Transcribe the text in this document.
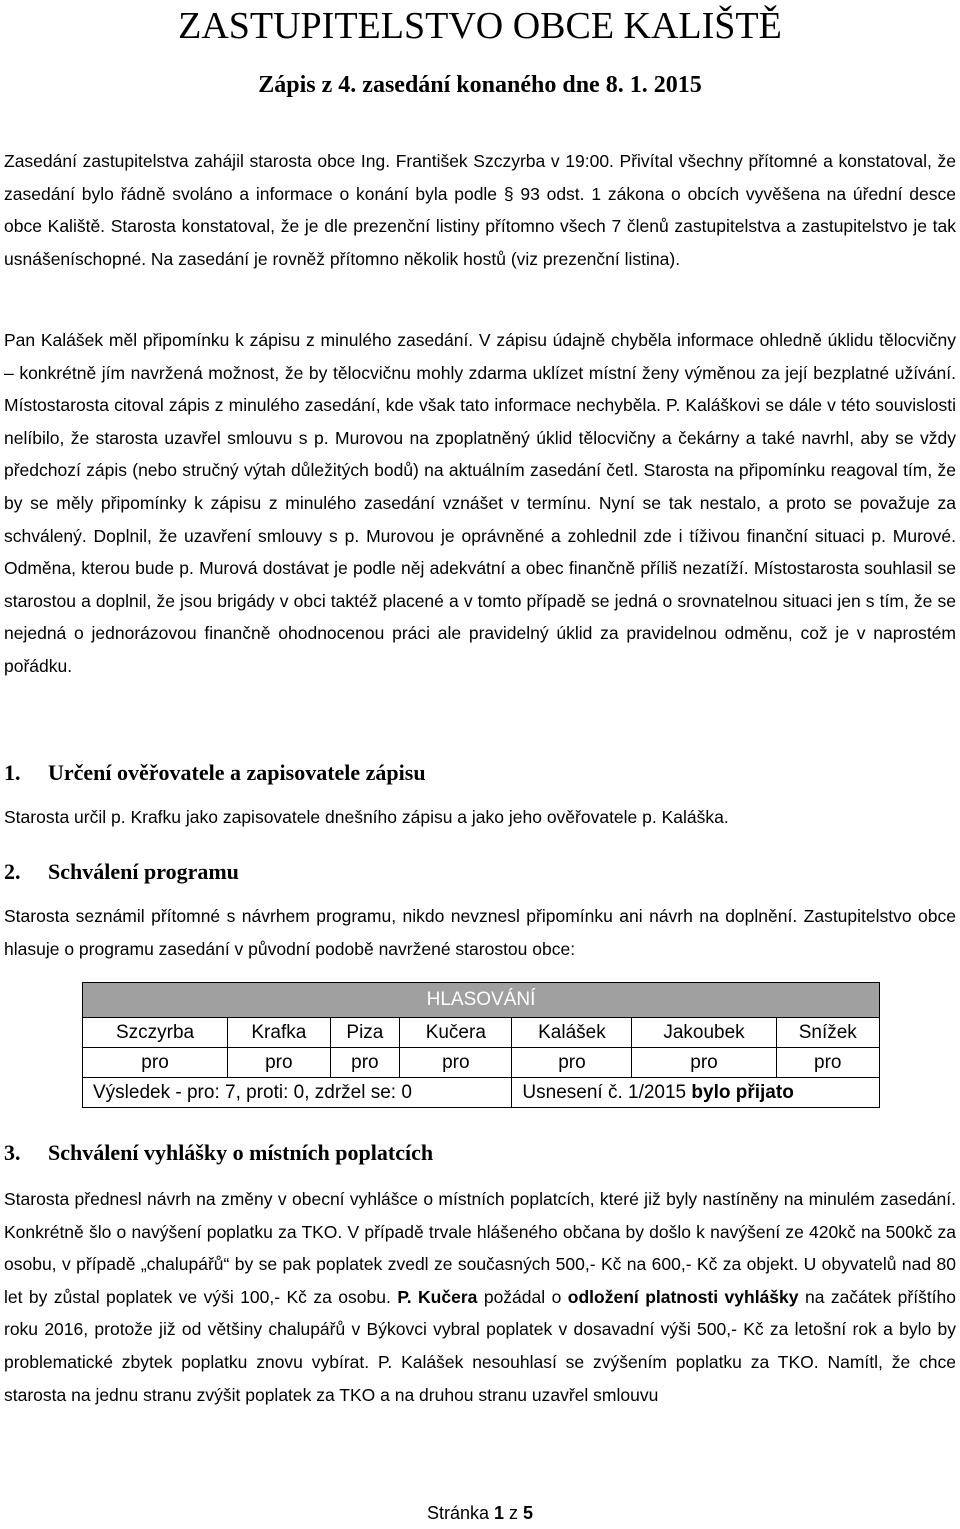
ZASTUPITELSTVO OBCE KALIŠTĚ
Zápis z 4. zasedání konaného dne 8. 1. 2015
Zasedání zastupitelstva zahájil starosta obce Ing. František Szczyrba v 19:00. Přivítal všechny přítomné a konstatoval, že zasedání bylo řádně svoláno a informace o konání byla podle § 93 odst. 1 zákona o obcích vyvěšena na úřední desce obce Kaliště. Starosta konstatoval, že je dle prezenční listiny přítomno všech 7 členů zastupitelstva a zastupitelstvo je tak usnášeníschopné. Na zasedání je rovněž přítomno několik hostů (viz prezenční listina).
Pan Kalášek měl připomínku k zápisu z minulého zasedání. V zápisu údajně chyběla informace ohledně úklidu tělocvičny – konkrétně jím navržená možnost, že by tělocvičnu mohly zdarma uklízet místní ženy výměnou za její bezplatné užívání. Místostarosta citoval zápis z minulého zasedání, kde však tato informace nechyběla. P. Kaláškovi se dále v této souvislosti nelíbilo, že starosta uzavřel smlouvu s p. Murovou na zpoplatněný úklid tělocvičny a čekárny a také navrhl, aby se vždy předchozí zápis (nebo stručný výtah důležitých bodů) na aktuálním zasedání četl. Starosta na připomínku reagoval tím, že by se měly připomínky k zápisu z minulého zasedání vznášet v termínu. Nyní se tak nestalo, a proto se považuje za schválený. Doplnil, že uzavření smlouvy s p. Murovou je oprávněné a zohlednil zde i tíživou finanční situaci p. Murové. Odměna, kterou bude p. Murová dostávat je podle něj adekvátní a obec finančně příliš nezatíží. Místostarosta souhlasil se starostou a doplnil, že jsou brigády v obci taktéž placené a v tomto případě se jedná o srovnatelnou situaci jen s tím, že se nejedná o jednorázovou finančně ohodnocenou práci ale pravidelný úklid za pravidelnou odměnu, což je v naprostém pořádku.
1. Určení ověřovatele a zapisovatele zápisu
Starosta určil p. Krafku jako zapisovatele dnešního zápisu a jako jeho ověřovatele p. Kaláška.
2. Schválení programu
Starosta seznámil přítomné s návrhem programu, nikdo nevznesl připomínku ani návrh na doplnění. Zastupitelstvo obce hlasuje o programu zasedání v původní podobě navržené starostou obce:
HLASOVÁNÍ						
Szczyrba	Krafka	Piza	Kučera	Kalášek	Jakoubek	Snížek
pro	pro	pro	pro	pro	pro	pro
Výsledek - pro: 7, proti: 0, zdržel se: 0				Usnesení č. 1/2015 bylo přijato		
3. Schválení vyhlášky o místních poplatcích
Starosta přednesl návrh na změny v obecní vyhlášce o místních poplatcích, které již byly nastíněny na minulém zasedání. Konkrétně šlo o navýšení poplatku za TKO. V případě trvale hlášeného občana by došlo k navýšení ze 420kč na 500kč za osobu, v případě „chalupářů“ by se pak poplatek zvedl ze současných 500,- Kč na 600,- Kč za objekt. U obyvatelů nad 80 let by zůstal poplatek ve výši 100,- Kč za osobu. P. Kučera požádal o odložení platnosti vyhlášky na začátek příštího roku 2016, protože již od většiny chalupářů v Býkovci vybral poplatek v dosavadní výši 500,- Kč za letošní rok a bylo by problematické zbytek poplatku znovu vybírat. P. Kalášek nesouhlasí se zvýšením poplatku za TKO. Namítl, že chce starosta na jednu stranu zvýšit poplatek za TKO a na druhou stranu uzavřel smlouvu
Stránka 1 z 5
